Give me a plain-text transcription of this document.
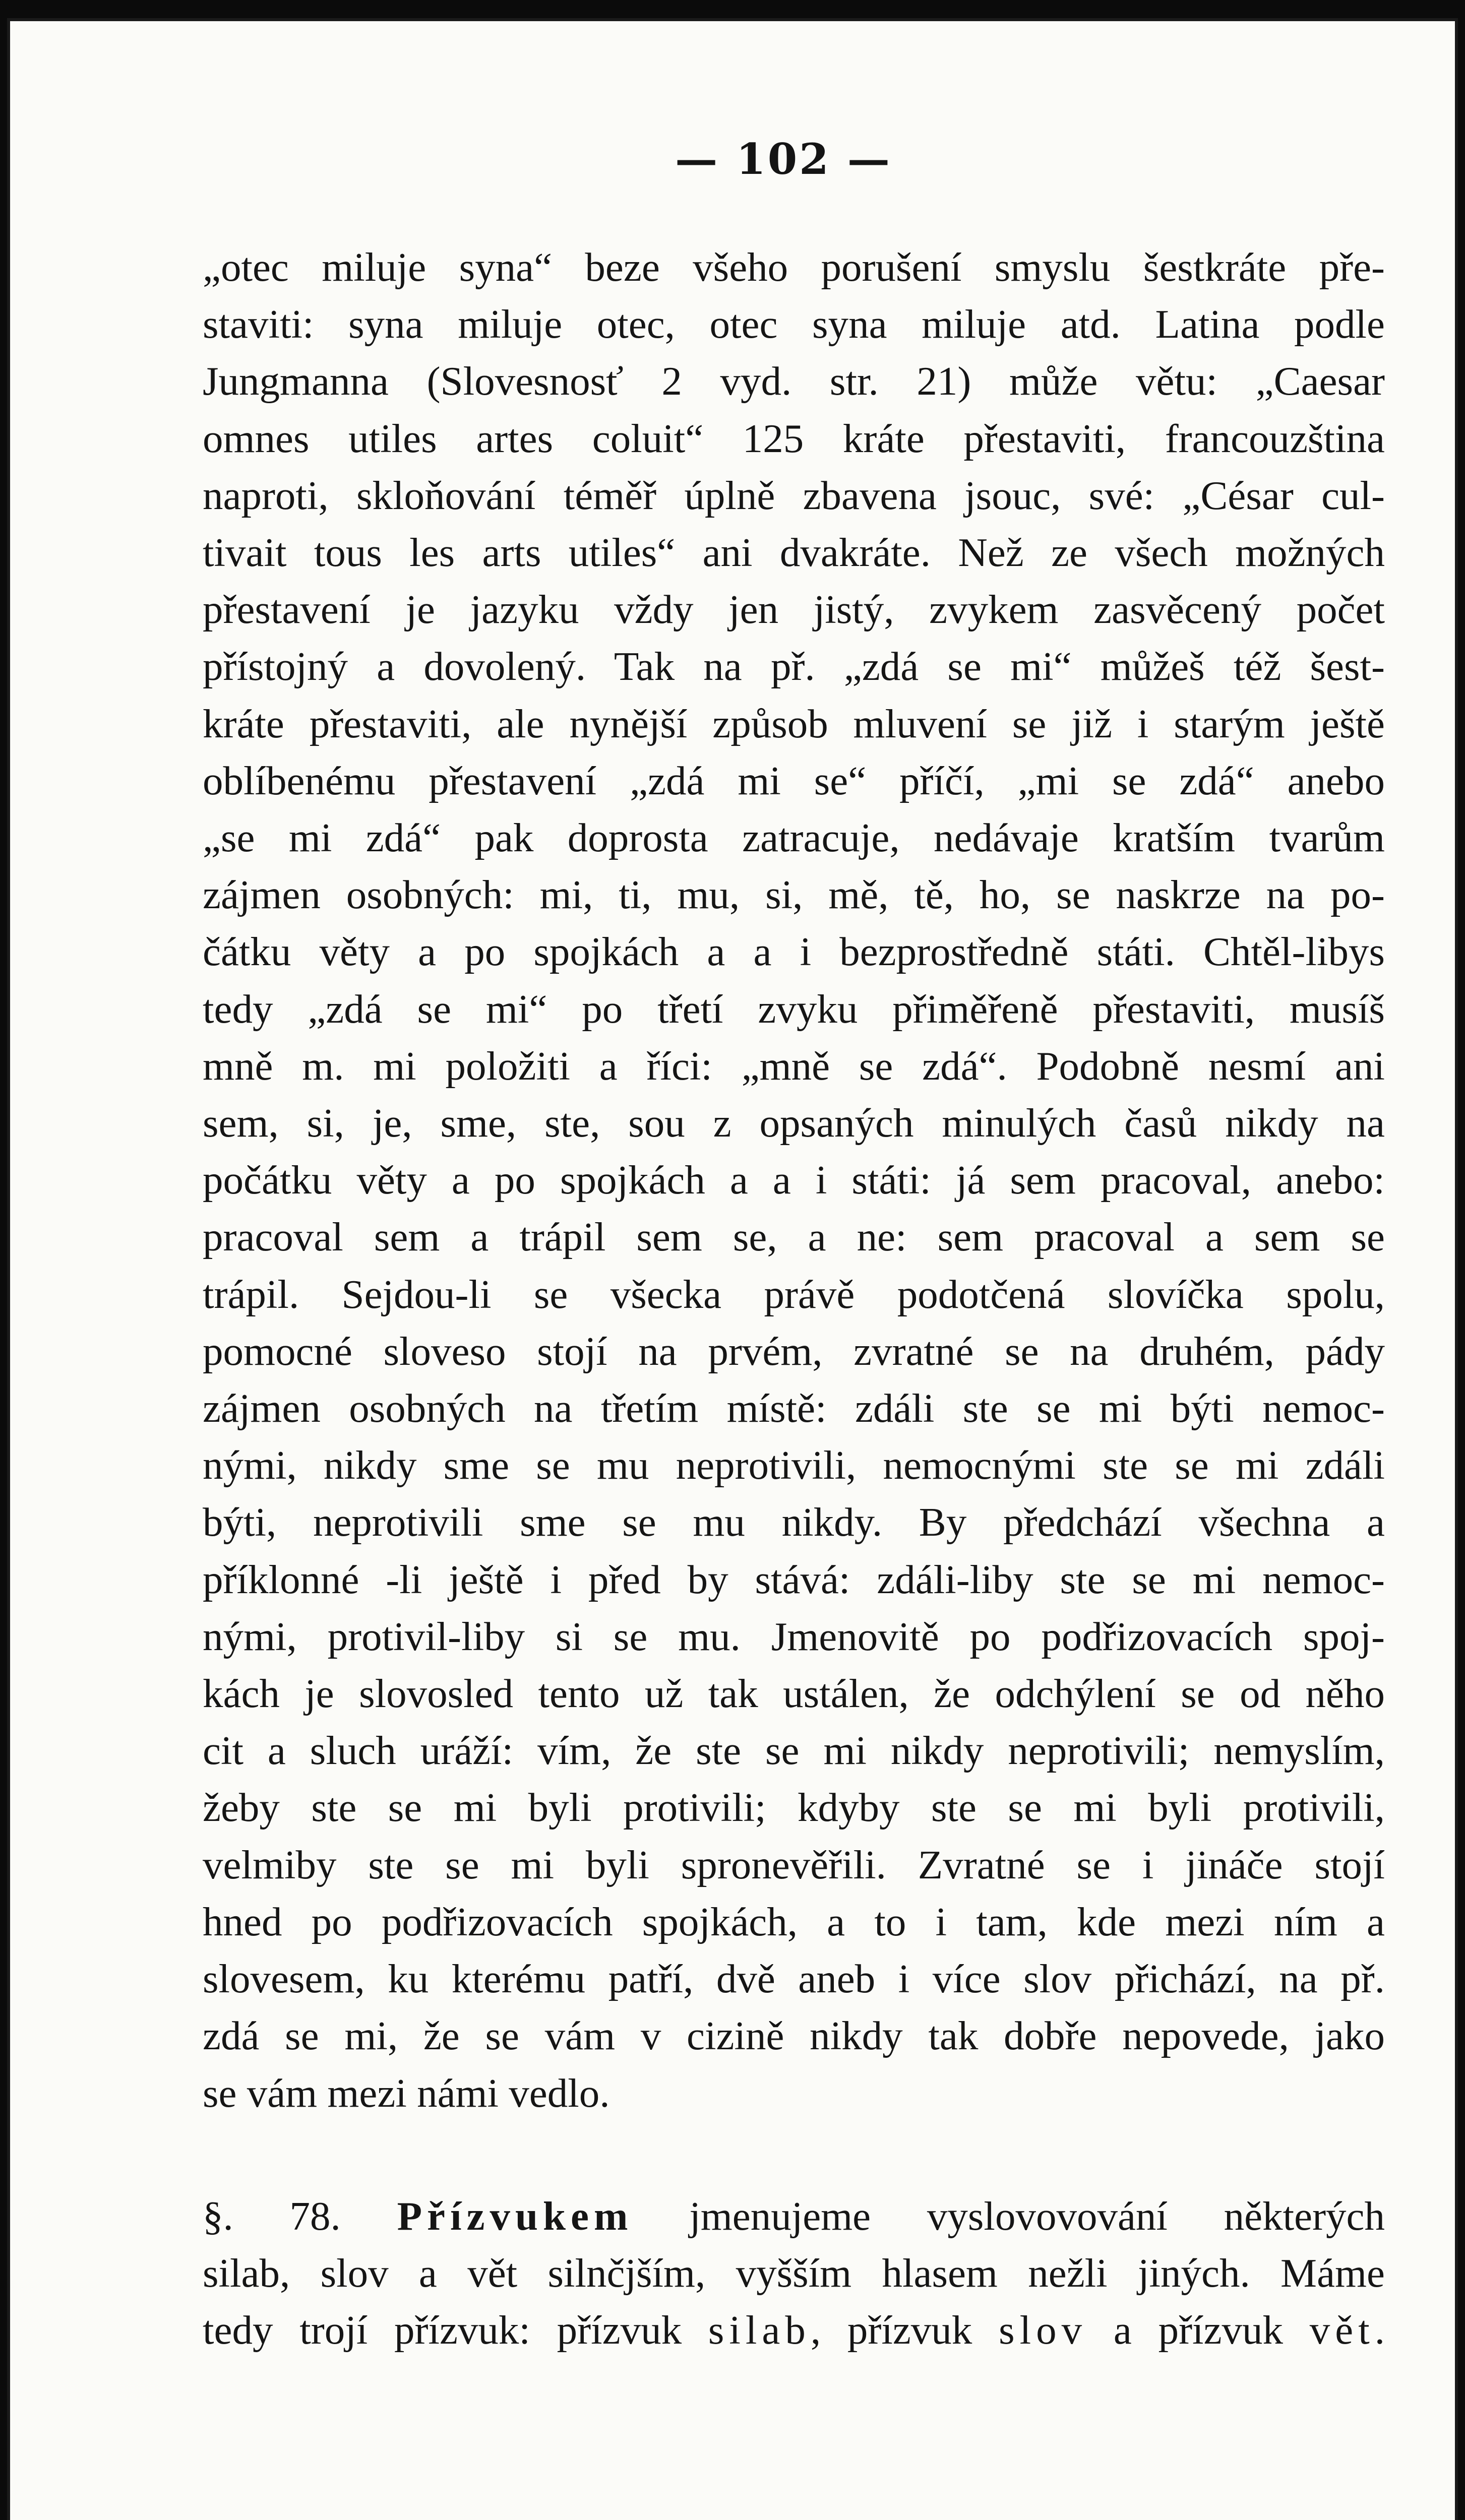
— 102 —
„otec miluje syna“ beze všeho porušení smyslu šestkráte pře-
staviti: syna miluje otec, otec syna miluje atd. Latina podle
Jungmanna (Slovesnosť 2 vyd. str. 21) může větu: „Caesar
omnes utiles artes coluit“ 125 kráte přestaviti, francouzština
naproti, skloňování téměř úplně zbavena jsouc, své: „César cul-
tivait tous les arts utiles“ ani dvakráte. Než ze všech možných
přestavení je jazyku vždy jen jistý, zvykem zasvěcený počet
přístojný a dovolený. Tak na př. „zdá se mi“ můžeš též šest-
kráte přestaviti, ale nynější způsob mluvení se již i starým ještě
oblíbenému přestavení „zdá mi se“ příčí, „mi se zdá“ anebo
„se mi zdá“ pak doprosta zatracuje, nedávaje kratším tvarům
zájmen osobných: mi, ti, mu, si, mě, tě, ho, se naskrze na po-
čátku věty a po spojkách a a i bezprostředně státi. Chtěl-libys
tedy „zdá se mi“ po třetí zvyku přiměřeně přestaviti, musíš
mně m. mi položiti a říci: „mně se zdá“. Podobně nesmí ani
sem, si, je, sme, ste, sou z opsaných minulých časů nikdy na
počátku věty a po spojkách a a i státi: já sem pracoval, anebo:
pracoval sem a trápil sem se, a ne: sem pracoval a sem se
trápil. Sejdou-li se všecka právě podotčená slovíčka spolu,
pomocné sloveso stojí na prvém, zvratné se na druhém, pády
zájmen osobných na třetím místě: zdáli ste se mi býti nemoc-
nými, nikdy sme se mu neprotivili, nemocnými ste se mi zdáli
býti, neprotivili sme se mu nikdy. By předchází všechna a
příklonné -li ještě i před by stává: zdáli-liby ste se mi nemoc-
nými, protivil-liby si se mu. Jmenovitě po podřizovacích spoj-
kách je slovosled tento už tak ustálen, že odchýlení se od něho
cit a sluch uráží: vím, že ste se mi nikdy neprotivili; nemyslím,
žeby ste se mi byli protivili; kdyby ste se mi byli protivili,
velmiby ste se mi byli spronevěřili. Zvratné se i jináče stojí
hned po podřizovacích spojkách, a to i tam, kde mezi ním a
slovesem, ku kterému patří, dvě aneb i více slov přichází, na př.
zdá se mi, že se vám v cizině nikdy tak dobře nepovede, jako
se vám mezi námi vedlo.
§. 78. Přízvukem jmenujeme vyslovovování některých
silab, slov a vět silnčjším, vyšším hlasem nežli jiných. Máme
tedy trojí přízvuk: přízvuk silab, přízvuk slov a přízvuk vět.
